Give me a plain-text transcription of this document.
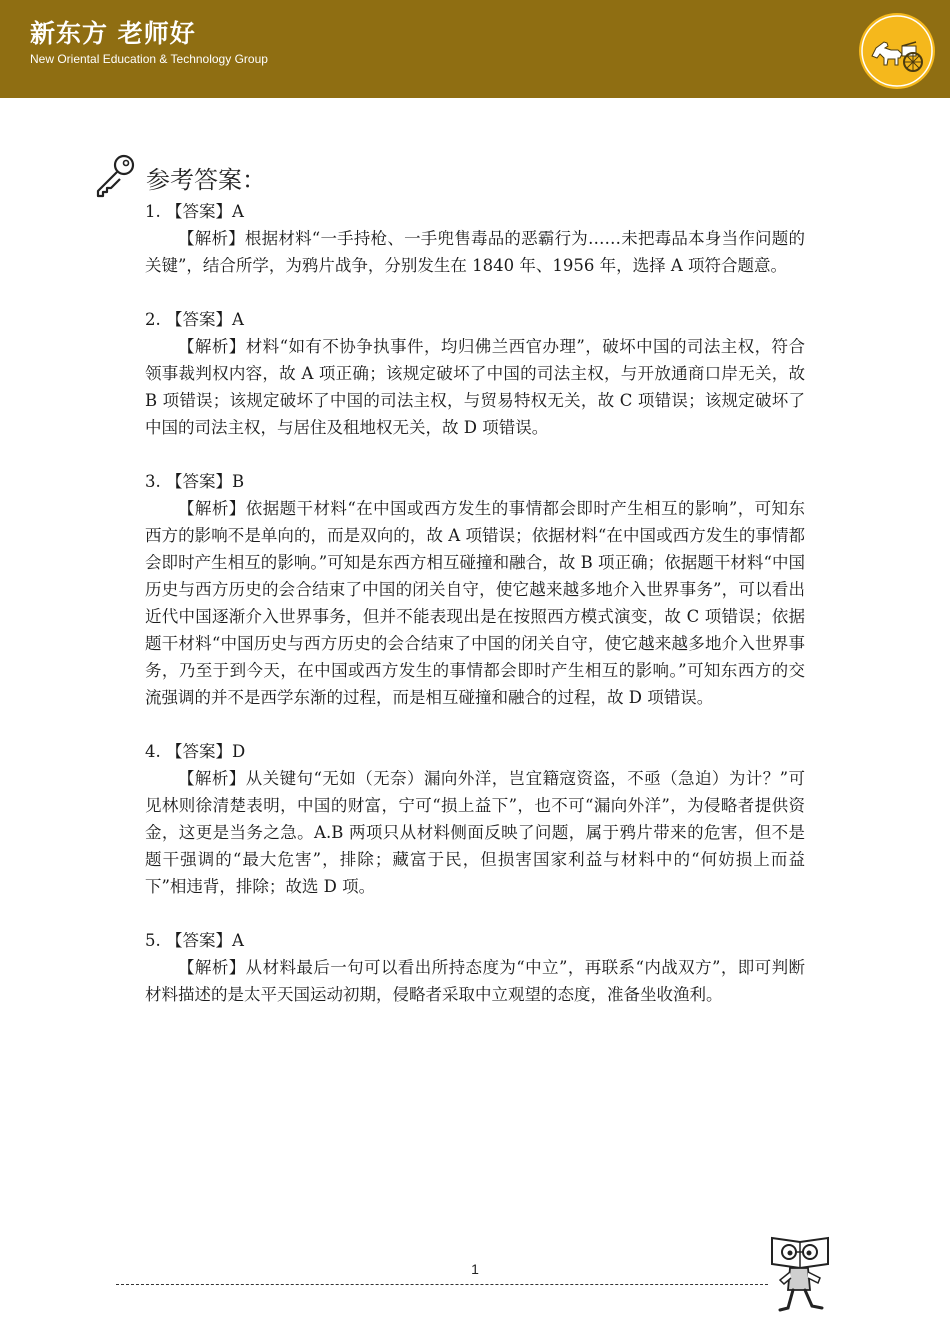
新东方 老师好
New Oriental Education & Technology Group
参考答案：

1. 【答案】A

【解析】根据材料“一手持枪、一手兜售毒品的恶霸行为……未把毒品本身当作问题的关键”，结合所学，为鸦片战争，分别发生在 1840 年、1956 年，选择 A 项符合题意。

2. 【答案】A

【解析】材料“如有不协争执事件，均归佛兰西官办理”，破坏中国的司法主权，符合领事裁判权内容，故 A 项正确；该规定破坏了中国的司法主权，与开放通商口岸无关，故 B 项错误；该规定破坏了中国的司法主权，与贸易特权无关，故 C 项错误；该规定破坏了中国的司法主权，与居住及租地权无关，故 D 项错误。

3. 【答案】B

【解析】依据题干材料“在中国或西方发生的事情都会即时产生相互的影响”，可知东西方的影响不是单向的，而是双向的，故 A 项错误；依据材料“在中国或西方发生的事情都会即时产生相互的影响。”可知是东西方相互碰撞和融合，故 B 项正确；依据题干材料“中国历史与西方历史的会合结束了中国的闭关自守，使它越来越多地介入世界事务”，可以看出近代中国逐渐介入世界事务，但并不能表现出是在按照西方模式演变，故 C 项错误；依据题干材料“中国历史与西方历史的会合结束了中国的闭关自守，使它越来越多地介入世界事务，乃至于到今天，在中国或西方发生的事情都会即时产生相互的影响。”可知东西方的交流强调的并不是西学东渐的过程，而是相互碰撞和融合的过程，故 D 项错误。

4. 【答案】D

【解析】从关键句“无如（无奈）漏向外洋，岂宜籍寇资盗，不亟（急迫）为计？”可见林则徐清楚表明，中国的财富，宁可“损上益下”，也不可“漏向外洋”，为侵略者提供资金，这更是当务之急。A.B 两项只从材料侧面反映了问题，属于鸦片带来的危害，但不是题干强调的“最大危害”，排除；藏富于民，但损害国家利益与材料中的“何妨损上而益下”相违背，排除；故选 D 项。

5. 【答案】A

【解析】从材料最后一句可以看出所持态度为“中立”，再联系“内战双方”，即可判断材料描述的是太平天国运动初期，侵略者采取中立观望的态度，准备坐收渔利。

1
